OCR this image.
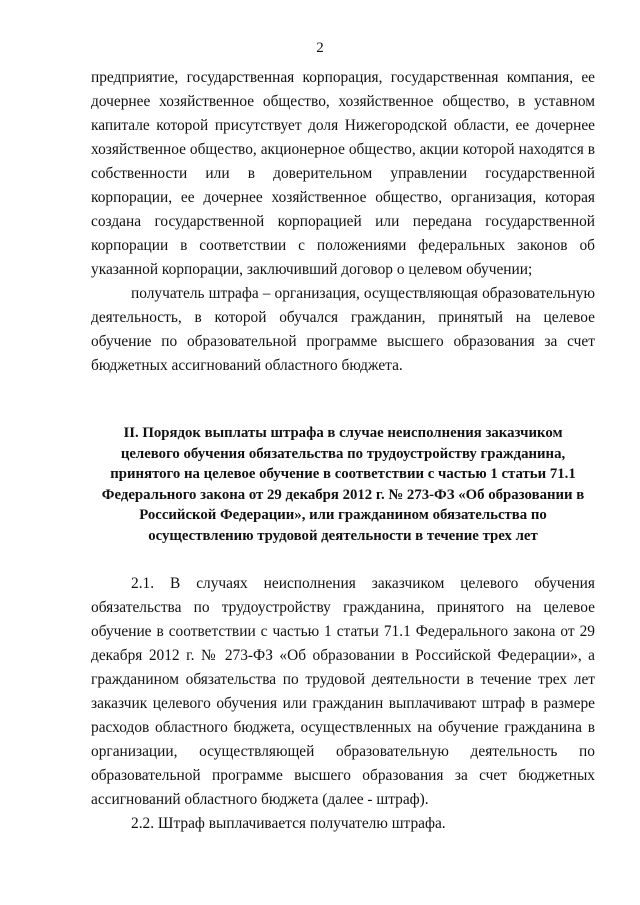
2

предприятие, государственная корпорация, государственная компания, ее дочернее хозяйственное общество, хозяйственное общество, в уставном капитале которой присутствует доля Нижегородской области, ее дочернее хозяйственное общество, акционерное общество, акции которой находятся в собственности или в доверительном управлении государственной корпорации, ее дочернее хозяйственное общество, организация, которая создана государственной корпорацией или передана государственной корпорации в соответствии с положениями федеральных законов об указанной корпорации, заключивший договор о целевом обучении;

получатель штрафа – организация, осуществляющая образовательную деятельность, в которой обучался гражданин, принятый на целевое обучение по образовательной программе высшего образования за счет бюджетных ассигнований областного бюджета.

II. Порядок выплаты штрафа в случае неисполнения заказчиком целевого обучения обязательства по трудоустройству гражданина, принятого на целевое обучение в соответствии с частью 1 статьи 71.1 Федерального закона от 29 декабря 2012 г. № 273-ФЗ «Об образовании в Российской Федерации», или гражданином обязательства по осуществлению трудовой деятельности в течение трех лет

2.1. В случаях неисполнения заказчиком целевого обучения обязательства по трудоустройству гражданина, принятого на целевое обучение в соответствии с частью 1 статьи 71.1 Федерального закона от 29 декабря 2012 г. № 273-ФЗ «Об образовании в Российской Федерации», а гражданином обязательства по трудовой деятельности в течение трех лет заказчик целевого обучения или гражданин выплачивают штраф в размере расходов областного бюджета, осуществленных на обучение гражданина в организации, осуществляющей образовательную деятельность по образовательной программе высшего образования за счет бюджетных ассигнований областного бюджета (далее - штраф).

2.2. Штраф выплачивается получателю штрафа.
